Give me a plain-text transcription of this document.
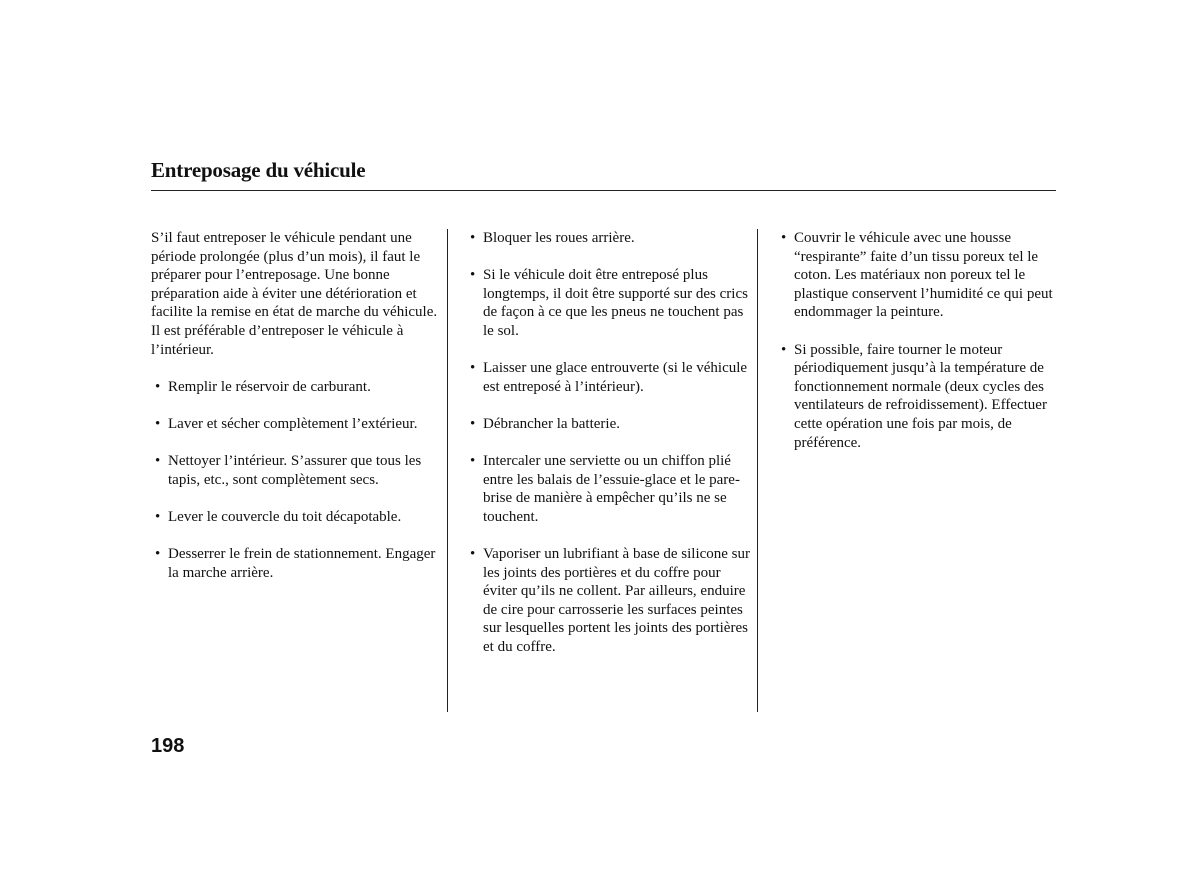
Entreposage du véhicule

S’il faut entreposer le véhicule pendant une période prolongée (plus d’un mois), il faut le préparer pour l’entreposage. Une bonne préparation aide à éviter une détérioration et facilite la remise en état de marche du véhicule. Il est préférable d’entreposer le véhicule à l’intérieur.

• Remplir le réservoir de carburant.
• Laver et sécher complètement l’extérieur.
• Nettoyer l’intérieur. S’assurer que tous les tapis, etc., sont complètement secs.
• Lever le couvercle du toit décapotable.
• Desserrer le frein de stationnement. Engager la marche arrière.
• Bloquer les roues arrière.
• Si le véhicule doit être entreposé plus longtemps, il doit être supporté sur des crics de façon à ce que les pneus ne touchent pas le sol.
• Laisser une glace entrouverte (si le véhicule est entreposé à l’intérieur).
• Débrancher la batterie.
• Intercaler une serviette ou un chiffon plié entre les balais de l’essuie-glace et le pare-brise de manière à empêcher qu’ils ne se touchent.
• Vaporiser un lubrifiant à base de silicone sur les joints des portières et du coffre pour éviter qu’ils ne collent. Par ailleurs, enduire de cire pour carrosserie les surfaces peintes sur lesquelles portent les joints des portières et du coffre.
• Couvrir le véhicule avec une housse “respirante” faite d’un tissu poreux tel le coton. Les matériaux non poreux tel le plastique conservent l’humidité ce qui peut endommager la peinture.
• Si possible, faire tourner le moteur périodiquement jusqu’à la température de fonctionnement normale (deux cycles des ventilateurs de refroidissement). Effectuer cette opération une fois par mois, de préférence.

198
